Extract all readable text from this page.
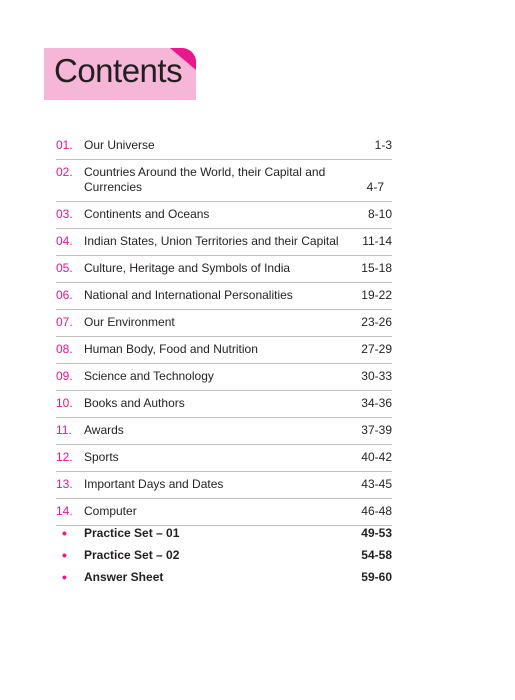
Contents
01. Our Universe	1-3
02. Countries Around the World, their Capital and Currencies	4-7
03. Continents and Oceans	8-10
04. Indian States, Union Territories and their Capital	11-14
05. Culture, Heritage and Symbols of India	15-18
06. National and International Personalities	19-22
07. Our Environment	23-26
08. Human Body, Food and Nutrition	27-29
09. Science and Technology	30-33
10. Books and Authors	34-36
11.	Awards	37-39
12. Sports	40-42
13. Important Days and Dates	43-45
14. Computer	46-48
•	Practice Set – 01	49-53
•	Practice Set – 02	54-58
•	Answer Sheet	59-60
